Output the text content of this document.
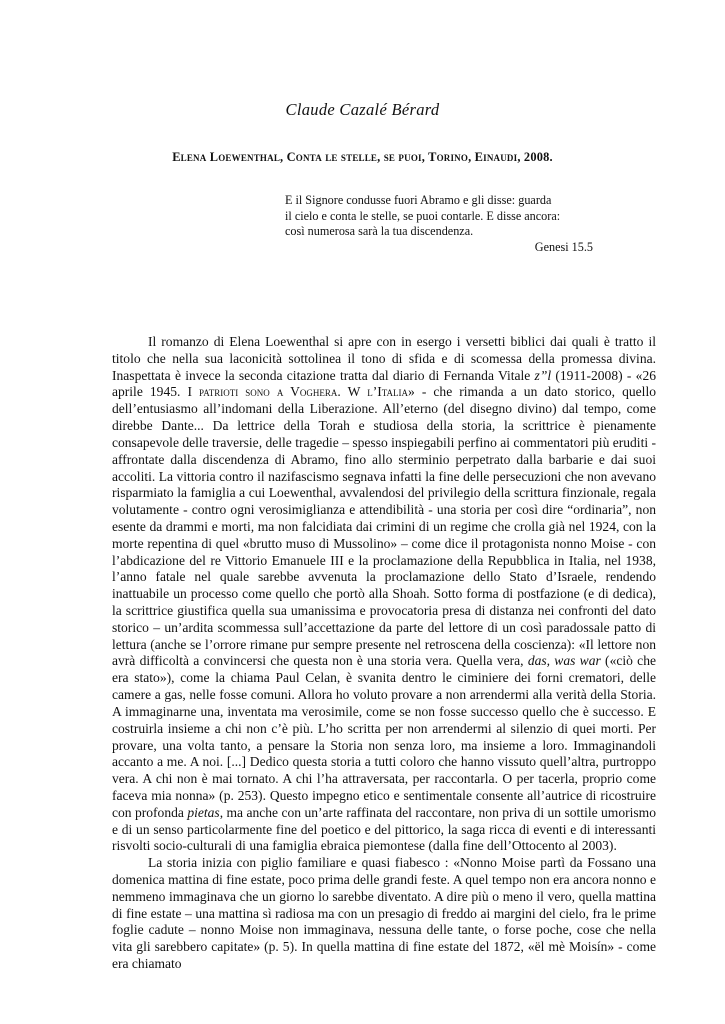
Claude Cazalé Bérard
Elena Loewenthal, Conta le stelle, se puoi, Torino, Einaudi, 2008.
E il Signore condusse fuori Abramo e gli disse: guarda
il cielo e conta le stelle, se puoi contarle. E disse ancora:
così numerosa sarà la tua discendenza.
Genesi 15.5

Il romanzo di Elena Loewenthal si apre con in esergo i versetti biblici dai quali è tratto il titolo che nella sua laconicità sottolinea il tono di sfida e di scomessa della promessa divina. Inaspettata è invece la seconda citazione tratta dal diario di Fernanda Vitale z”l (1911-2008) - «26 aprile 1945. I patrioti sono a Voghera. W l’Italia» - che rimanda a un dato storico, quello dell’entusiasmo all’indomani della Liberazione. All’eterno (del disegno divino) dal tempo, come direbbe Dante... Da lettrice della Torah e studiosa della storia, la scrittrice è pienamente consapevole delle traversie, delle tragedie – spesso inspiegabili perfino ai commentatori più eruditi - affrontate dalla discendenza di Abramo, fino allo sterminio perpetrato dalla barbarie e dai suoi accoliti. La vittoria contro il nazifascismo segnava infatti la fine delle persecuzioni che non avevano risparmiato la famiglia a cui Loewenthal, avvalendosi del privilegio della scrittura finzionale, regala volutamente - contro ogni verosimiglianza e attendibilità - una storia per così dire “ordinaria”, non esente da drammi e morti, ma non falcidiata dai crimini di un regime che crolla già nel 1924, con la morte repentina di quel «brutto muso di Mussolino» – come dice il protagonista nonno Moise - con l’abdicazione del re Vittorio Emanuele III e la proclamazione della Repubblica in Italia, nel 1938, l’anno fatale nel quale sarebbe avvenuta la proclamazione dello Stato d’Israele, rendendo inattuabile un processo come quello che portò alla Shoah. Sotto forma di postfazione (e di dedica), la scrittrice giustifica quella sua umanissima e provocatoria presa di distanza nei confronti del dato storico – un’ardita scommessa sull’accettazione da parte del lettore di un così paradossale patto di lettura (anche se l’orrore rimane pur sempre presente nel retroscena della coscienza): «Il lettore non avrà difficoltà a convincersi che questa non è una storia vera. Quella vera, das, was war («ciò che era stato»), come la chiama Paul Celan, è svanita dentro le ciminiere dei forni crematori, delle camere a gas, nelle fosse comuni. Allora ho voluto provare a non arrendermi alla verità della Storia. A immaginarne una, inventata ma verosimile, come se non fosse successo quello che è successo. E costruirla insieme a chi non c’è più. L’ho scritta per non arrendermi al silenzio di quei morti. Per provare, una volta tanto, a pensare la Storia non senza loro, ma insieme a loro. Immaginandoli accanto a me. A noi. [...] Dedico questa storia a tutti coloro che hanno vissuto quell’altra, purtroppo vera. A chi non è mai tornato. A chi l’ha attraversata, per raccontarla. O per tacerla, proprio come faceva mia nonna» (p. 253). Questo impegno etico e sentimentale consente all’autrice di ricostruire con profonda pietas, ma anche con un’arte raffinata del raccontare, non priva di un sottile umorismo e di un senso particolarmente fine del poetico e del pittorico, la saga ricca di eventi e di interessanti risvolti socio-culturali di una famiglia ebraica piemontese (dalla fine dell’Ottocento al 2003).

La storia inizia con piglio familiare e quasi fiabesco : «Nonno Moise partì da Fossano una domenica mattina di fine estate, poco prima delle grandi feste. A quel tempo non era ancora nonno e nemmeno immaginava che un giorno lo sarebbe diventato. A dire più o meno il vero, quella mattina di fine estate – una mattina sì radiosa ma con un presagio di freddo ai margini del cielo, fra le prime foglie cadute – nonno Moise non immaginava, nessuna delle tante, o forse poche, cose che nella vita gli sarebbero capitate» (p. 5). In quella mattina di fine estate del 1872, «ël mè Moisín» - come era chiamato
